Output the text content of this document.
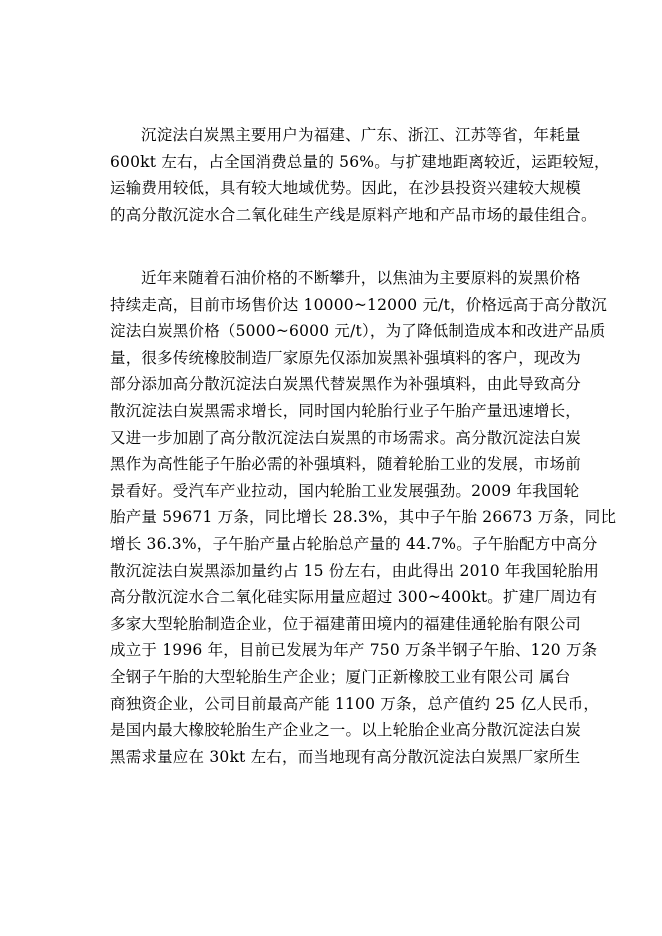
沉淀法白炭黑主要用户为福建、广东、浙江、江苏等省，年耗量
600kt 左右，占全国消费总量的 56%。与扩建地距离较近，运距较短，
运输费用较低，具有较大地域优势。因此，在沙县投资兴建较大规模
的高分散沉淀水合二氧化硅生产线是原料产地和产品市场的最佳组合。
近年来随着石油价格的不断攀升，以焦油为主要原料的炭黑价格
持续走高，目前市场售价达 10000~12000 元/t，价格远高于高分散沉
淀法白炭黑价格（5000~6000 元/t），为了降低制造成本和改进产品质
量，很多传统橡胶制造厂家原先仅添加炭黑补强填料的客户，现改为
部分添加高分散沉淀法白炭黑代替炭黑作为补强填料，由此导致高分
散沉淀法白炭黑需求增长，同时国内轮胎行业子午胎产量迅速增长，
又进一步加剧了高分散沉淀法白炭黑的市场需求。高分散沉淀法白炭
黑作为高性能子午胎必需的补强填料，随着轮胎工业的发展，市场前
景看好。受汽车产业拉动，国内轮胎工业发展强劲。2009 年我国轮
胎产量 59671 万条，同比增长 28.3%，其中子午胎 26673 万条，同比
增长 36.3%，子午胎产量占轮胎总产量的 44.7%。子午胎配方中高分
散沉淀法白炭黑添加量约占 15 份左右，由此得出 2010 年我国轮胎用
高分散沉淀水合二氧化硅实际用量应超过 300~400kt。扩建厂周边有
多家大型轮胎制造企业，位于福建莆田境内的福建佳通轮胎有限公司
成立于 1996 年，目前已发展为年产 750 万条半钢子午胎、120 万条
全钢子午胎的大型轮胎生产企业；厦门正新橡胶工业有限公司 属台
商独资企业，公司目前最高产能 1100 万条，总产值约 25 亿人民币，
是国内最大橡胶轮胎生产企业之一。以上轮胎企业高分散沉淀法白炭
黑需求量应在 30kt 左右，而当地现有高分散沉淀法白炭黑厂家所生
